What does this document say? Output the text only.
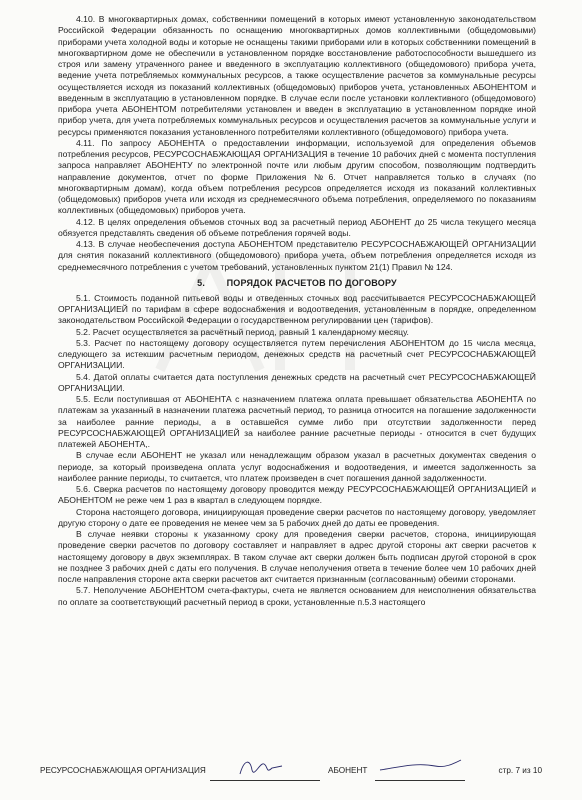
4.10. В многоквартирных домах, собственники помещений в которых имеют установленную законодательством Российской Федерации обязанность по оснащению многоквартирных домов коллективными (общедомовыми) приборами учета холодной воды и которые не оснащены такими приборами или в которых собственники помещений в многоквартирном доме не обеспечили в установленном порядке восстановление работоспособности вышедшего из строя или замену утраченного ранее и введенного в эксплуатацию коллективного (общедомового) прибора учета, ведение учета потребляемых коммунальных ресурсов, а также осуществление расчетов за коммунальные ресурсы осуществляется исходя из показаний коллективных (общедомовых) приборов учета, установленных АБОНЕНТОМ и введенным в эксплуатацию в установленном порядке. В случае если после установки коллективного (общедомового) прибора учета АБОНЕНТОМ потребителями установлен и введен в эксплуатацию в установленном порядке иной прибор учета, для учета потребляемых коммунальных ресурсов и осуществления расчетов за коммунальные услуги и ресурсы применяются показания установленного потребителями коллективного (общедомового) прибора учета.

4.11. По запросу АБОНЕНТА о предоставлении информации, используемой для определения объемов потребления ресурсов, РЕСУРСОСНАБЖАЮЩАЯ ОРГАНИЗАЦИЯ в течение 10 рабочих дней с момента поступления запроса направляет АБОНЕНТУ по электронной почте или любым другим способом, позволяющим подтвердить направление документов, отчет по форме Приложения №6. Отчет направляется только в случаях (по многоквартирным домам), когда объем потребления ресурсов определяется исходя из показаний коллективных (общедомовых) приборов учета или исходя из среднемесячного объема потребления, определяемого по показаниям коллективных (общедомовых) приборов учета.

4.12. В целях определения объемов сточных вод за расчетный период АБОНЕНТ до 25 числа текущего месяца обязуется представлять сведения об объеме потребления горячей воды.

4.13. В случае необеспечения доступа АБОНЕНТОМ представителю РЕСУРСОСНАБЖАЮЩЕЙ ОРГАНИЗАЦИИ для снятия показаний коллективного (общедомового) прибора учета, объем потребления определяется исходя из среднемесячного потребления с учетом требований, установленных пунктом 21(1) Правил № 124.

5.        ПОРЯДОК РАСЧЕТОВ ПО ДОГОВОРУ

5.1. Стоимость поданной питьевой воды и отведенных сточных вод рассчитывается РЕСУРСОСНАБЖАЮЩЕЙ ОРГАНИЗАЦИЕЙ по тарифам в сфере водоснабжения и водоотведения, установленным в порядке, определенном законодательством Российской Федерации о государственном регулировании цен (тарифов).

5.2. Расчет осуществляется за расчётный период, равный 1 календарному месяцу.

5.3. Расчет по настоящему договору осуществляется путем перечисления АБОНЕНТОМ до 15 числа месяца, следующего за истекшим расчетным периодом, денежных средств на расчетный счет РЕСУРСОСНАБЖАЮЩЕЙ ОРГАНИЗАЦИИ.

5.4. Датой оплаты считается дата поступления денежных средств на расчетный счет РЕСУРСОСНАБЖАЮЩЕЙ ОРГАНИЗАЦИИ.

5.5. Если поступившая от АБОНЕНТА с назначением платежа оплата превышает обязательства АБОНЕНТА по платежам за указанный в назначении платежа расчетный период, то разница относится на погашение задолженности за наиболее ранние периоды, а в оставшейся сумме либо при отсутствии задолженности перед РЕСУРСОСНАБЖАЮЩЕЙ ОРГАНИЗАЦИЕЙ за наиболее ранние расчетные периоды - относится в счет будущих платежей АБОНЕНТА,.

В случае если АБОНЕНТ не указал или ненадлежащим образом указал в расчетных документах сведения о периоде, за который произведена оплата услуг водоснабжения и водоотведения, и имеется задолженность за наиболее ранние периоды, то считается, что платеж произведен в счет погашения данной задолженности.

5.6. Сверка расчетов по настоящему договору проводится между РЕСУРСОСНАБЖАЮЩЕЙ ОРГАНИЗАЦИЕЙ и АБОНЕНТОМ не реже чем 1 раз в квартал в следующем порядке.

Сторона настоящего договора, инициирующая проведение сверки расчетов по настоящему договору, уведомляет другую сторону о дате ее проведения не менее чем за 5 рабочих дней до даты ее проведения.

В случае неявки стороны к указанному сроку для проведения сверки расчетов, сторона, инициирующая проведение сверки расчетов по договору составляет и направляет в адрес другой стороны акт сверки расчетов к настоящему договору в двух экземплярах. В таком случае акт сверки должен быть подписан другой стороной в срок не позднее 3 рабочих дней с даты его получения. В случае неполучения ответа в течение более чем 10 рабочих дней после направления стороне акта сверки расчетов акт считается признанным (согласованным) обеими сторонами.

5.7. Неполучение АБОНЕНТОМ счета-фактуры, счета не является основанием для неисполнения обязательства по оплате за соответствующий расчетный период в сроки, установленные п.5.3 настоящего

РЕСУРСОСНАБЖАЮЩАЯ ОРГАНИЗАЦИЯ	АБОНЕНТ	стр. 7 из 10
